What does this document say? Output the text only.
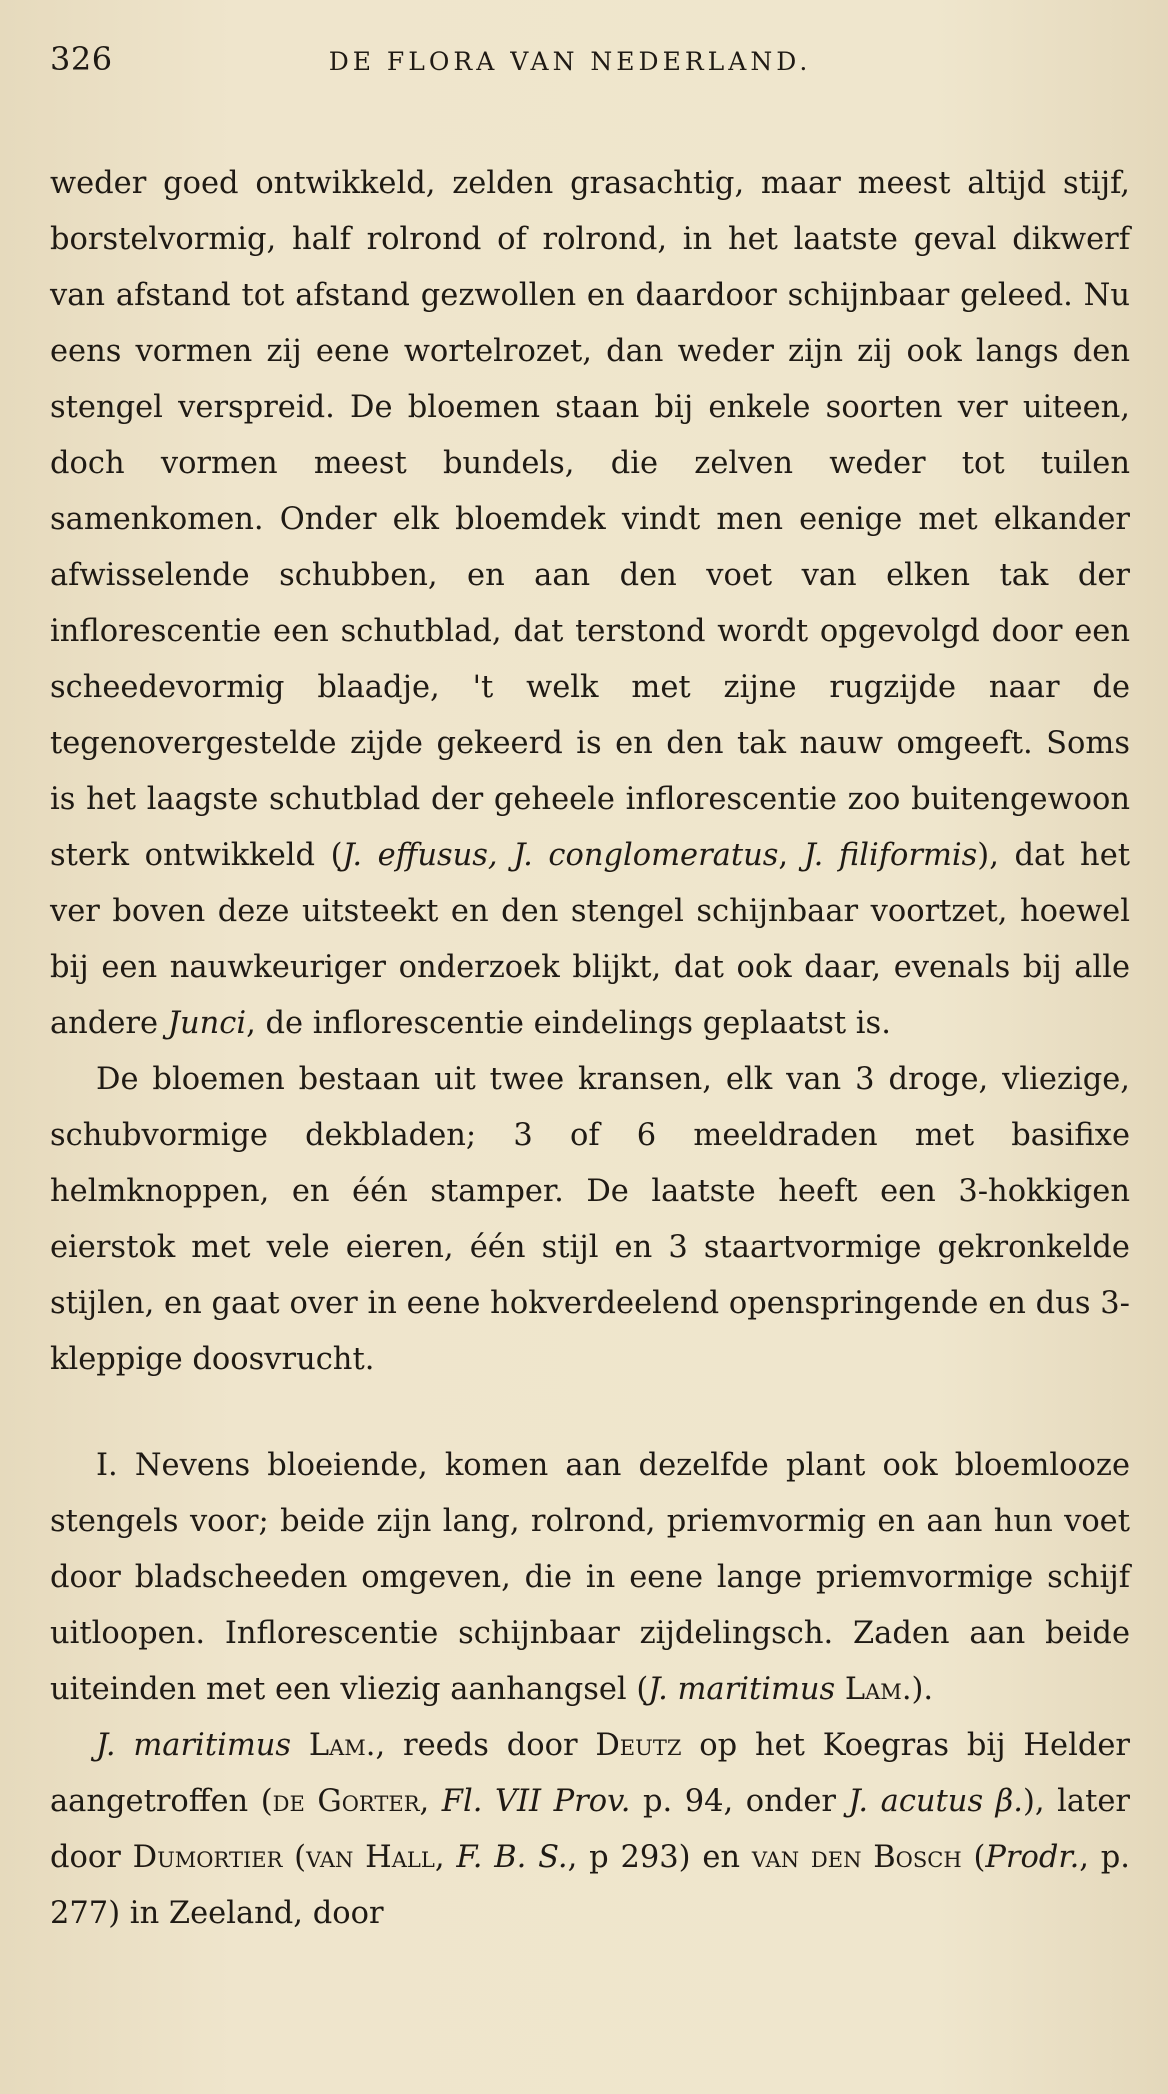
326	DE FLORA VAN NEDERLAND.

weder goed ontwikkeld, zelden grasachtig, maar meest altijd stijf, borstelvormig, half rolrond of rolrond, in het laatste geval dikwerf van afstand tot afstand gezwollen en daardoor schijnbaar geleed. Nu eens vormen zij eene wortelrozet, dan weder zijn zij ook langs den stengel verspreid. De bloemen staan bij enkele soorten ver uiteen, doch vormen meest bundels, die zelven weder tot tuilen samenkomen. Onder elk bloemdek vindt men eenige met elkander afwisselende schubben, en aan den voet van elken tak der inflorescentie een schutblad, dat terstond wordt opgevolgd door een scheedevormig blaadje, 't welk met zijne rugzijde naar de tegenovergestelde zijde gekeerd is en den tak nauw omgeeft. Soms is het laagste schutblad der geheele inflorescentie zoo buitengewoon sterk ontwikkeld (J. effusus, J. conglomeratus, J. filiformis), dat het ver boven deze uitsteekt en den stengel schijnbaar voortzet, hoewel bij een nauwkeuriger onderzoek blijkt, dat ook daar, evenals bij alle andere Junci, de inflorescentie eindelings geplaatst is.

De bloemen bestaan uit twee kransen, elk van 3 droge, vliezige, schubvormige dekbladen; 3 of 6 meeldraden met basifixe helmknoppen, en één stamper. De laatste heeft een 3-hokkigen eierstok met vele eieren, één stijl en 3 staartvormige gekronkelde stijlen, en gaat over in eene hokverdeelend openspringende en dus 3-kleppige doosvrucht.

I. Nevens bloeiende, komen aan dezelfde plant ook bloemlooze stengels voor; beide zijn lang, rolrond, priemvormig en aan hun voet door bladscheeden omgeven, die in eene lange priemvormige schijf uitloopen. Inflorescentie schijnbaar zijdelingsch. Zaden aan beide uiteinden met een vliezig aanhangsel (J. maritimus Lam.).

J. maritimus Lam., reeds door Deutz op het Koegras bij Helder aangetroffen (de Gorter, Fl. VII Prov. p. 94, onder J. acutus β.), later door Dumortier (van Hall, F. B. S., p 293) en van den Bosch (Prodr., p. 277) in Zeeland, door
